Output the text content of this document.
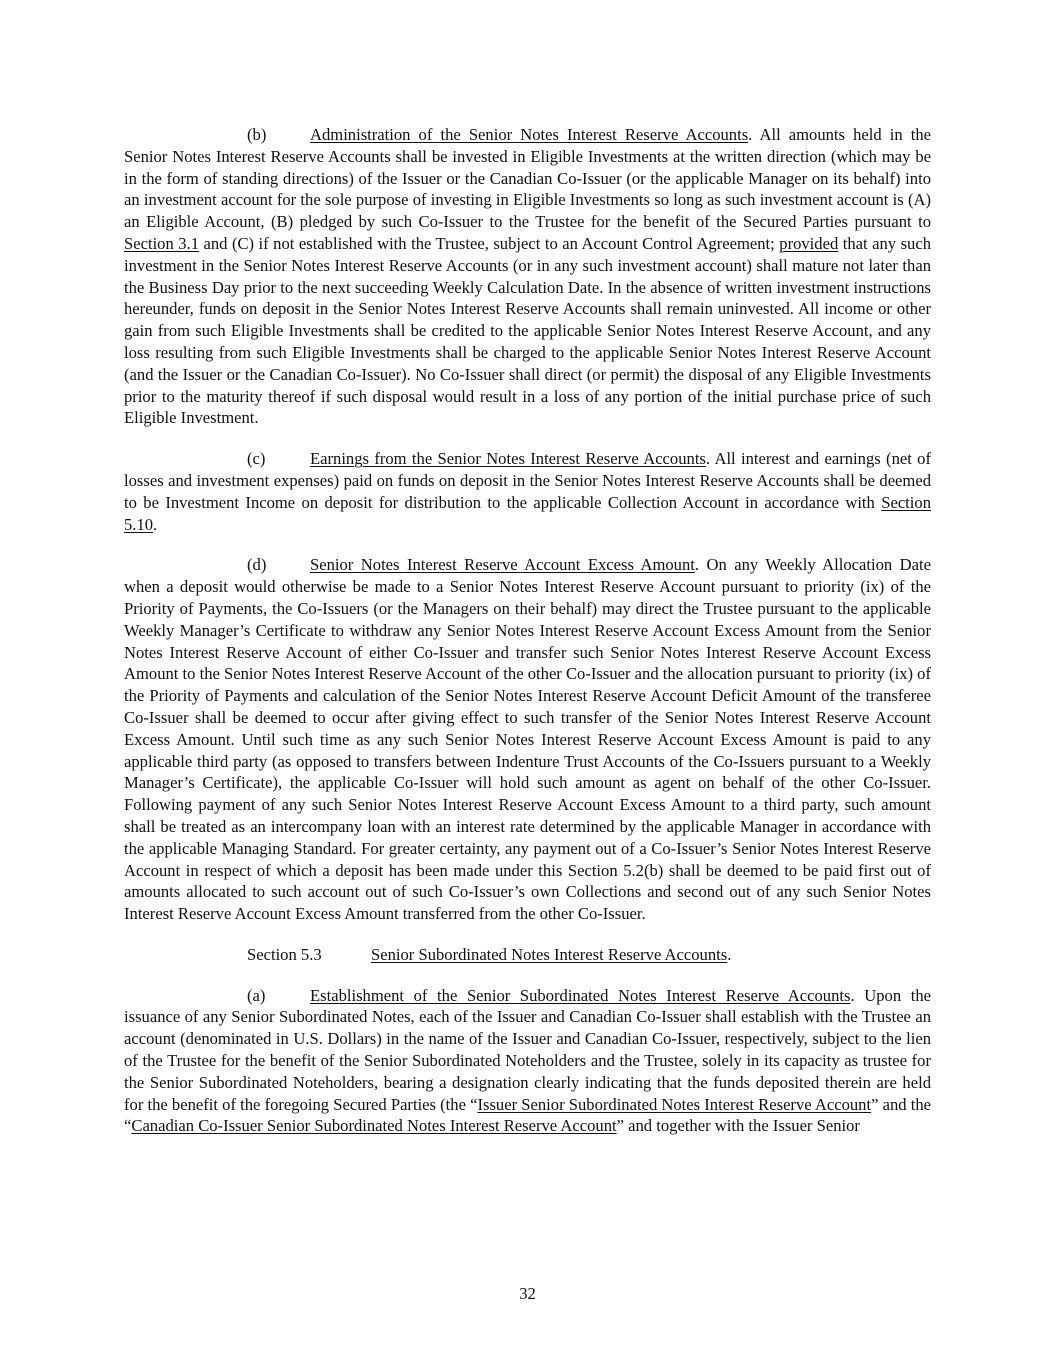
(b)	Administration of the Senior Notes Interest Reserve Accounts. All amounts held in the Senior Notes Interest Reserve Accounts shall be invested in Eligible Investments at the written direction (which may be in the form of standing directions) of the Issuer or the Canadian Co-Issuer (or the applicable Manager on its behalf) into an investment account for the sole purpose of investing in Eligible Investments so long as such investment account is (A) an Eligible Account, (B) pledged by such Co-Issuer to the Trustee for the benefit of the Secured Parties pursuant to Section 3.1 and (C) if not established with the Trustee, subject to an Account Control Agreement; provided that any such investment in the Senior Notes Interest Reserve Accounts (or in any such investment account) shall mature not later than the Business Day prior to the next succeeding Weekly Calculation Date. In the absence of written investment instructions hereunder, funds on deposit in the Senior Notes Interest Reserve Accounts shall remain uninvested. All income or other gain from such Eligible Investments shall be credited to the applicable Senior Notes Interest Reserve Account, and any loss resulting from such Eligible Investments shall be charged to the applicable Senior Notes Interest Reserve Account (and the Issuer or the Canadian Co-Issuer). No Co-Issuer shall direct (or permit) the disposal of any Eligible Investments prior to the maturity thereof if such disposal would result in a loss of any portion of the initial purchase price of such Eligible Investment.

(c)	Earnings from the Senior Notes Interest Reserve Accounts. All interest and earnings (net of losses and investment expenses) paid on funds on deposit in the Senior Notes Interest Reserve Accounts shall be deemed to be Investment Income on deposit for distribution to the applicable Collection Account in accordance with Section 5.10.

(d)	Senior Notes Interest Reserve Account Excess Amount. On any Weekly Allocation Date when a deposit would otherwise be made to a Senior Notes Interest Reserve Account pursuant to priority (ix) of the Priority of Payments, the Co-Issuers (or the Managers on their behalf) may direct the Trustee pursuant to the applicable Weekly Manager’s Certificate to withdraw any Senior Notes Interest Reserve Account Excess Amount from the Senior Notes Interest Reserve Account of either Co-Issuer and transfer such Senior Notes Interest Reserve Account Excess Amount to the Senior Notes Interest Reserve Account of the other Co-Issuer and the allocation pursuant to priority (ix) of the Priority of Payments and calculation of the Senior Notes Interest Reserve Account Deficit Amount of the transferee Co-Issuer shall be deemed to occur after giving effect to such transfer of the Senior Notes Interest Reserve Account Excess Amount. Until such time as any such Senior Notes Interest Reserve Account Excess Amount is paid to any applicable third party (as opposed to transfers between Indenture Trust Accounts of the Co-Issuers pursuant to a Weekly Manager’s Certificate), the applicable Co-Issuer will hold such amount as agent on behalf of the other Co-Issuer. Following payment of any such Senior Notes Interest Reserve Account Excess Amount to a third party, such amount shall be treated as an intercompany loan with an interest rate determined by the applicable Manager in accordance with the applicable Managing Standard. For greater certainty, any payment out of a Co-Issuer’s Senior Notes Interest Reserve Account in respect of which a deposit has been made under this Section 5.2(b) shall be deemed to be paid first out of amounts allocated to such account out of such Co-Issuer’s own Collections and second out of any such Senior Notes Interest Reserve Account Excess Amount transferred from the other Co-Issuer.

Section 5.3	Senior Subordinated Notes Interest Reserve Accounts.

(a)	Establishment of the Senior Subordinated Notes Interest Reserve Accounts. Upon the issuance of any Senior Subordinated Notes, each of the Issuer and Canadian Co-Issuer shall establish with the Trustee an account (denominated in U.S. Dollars) in the name of the Issuer and Canadian Co-Issuer, respectively, subject to the lien of the Trustee for the benefit of the Senior Subordinated Noteholders and the Trustee, solely in its capacity as trustee for the Senior Subordinated Noteholders, bearing a designation clearly indicating that the funds deposited therein are held for the benefit of the foregoing Secured Parties (the “Issuer Senior Subordinated Notes Interest Reserve Account” and the “Canadian Co-Issuer Senior Subordinated Notes Interest Reserve Account” and together with the Issuer Senior

32
